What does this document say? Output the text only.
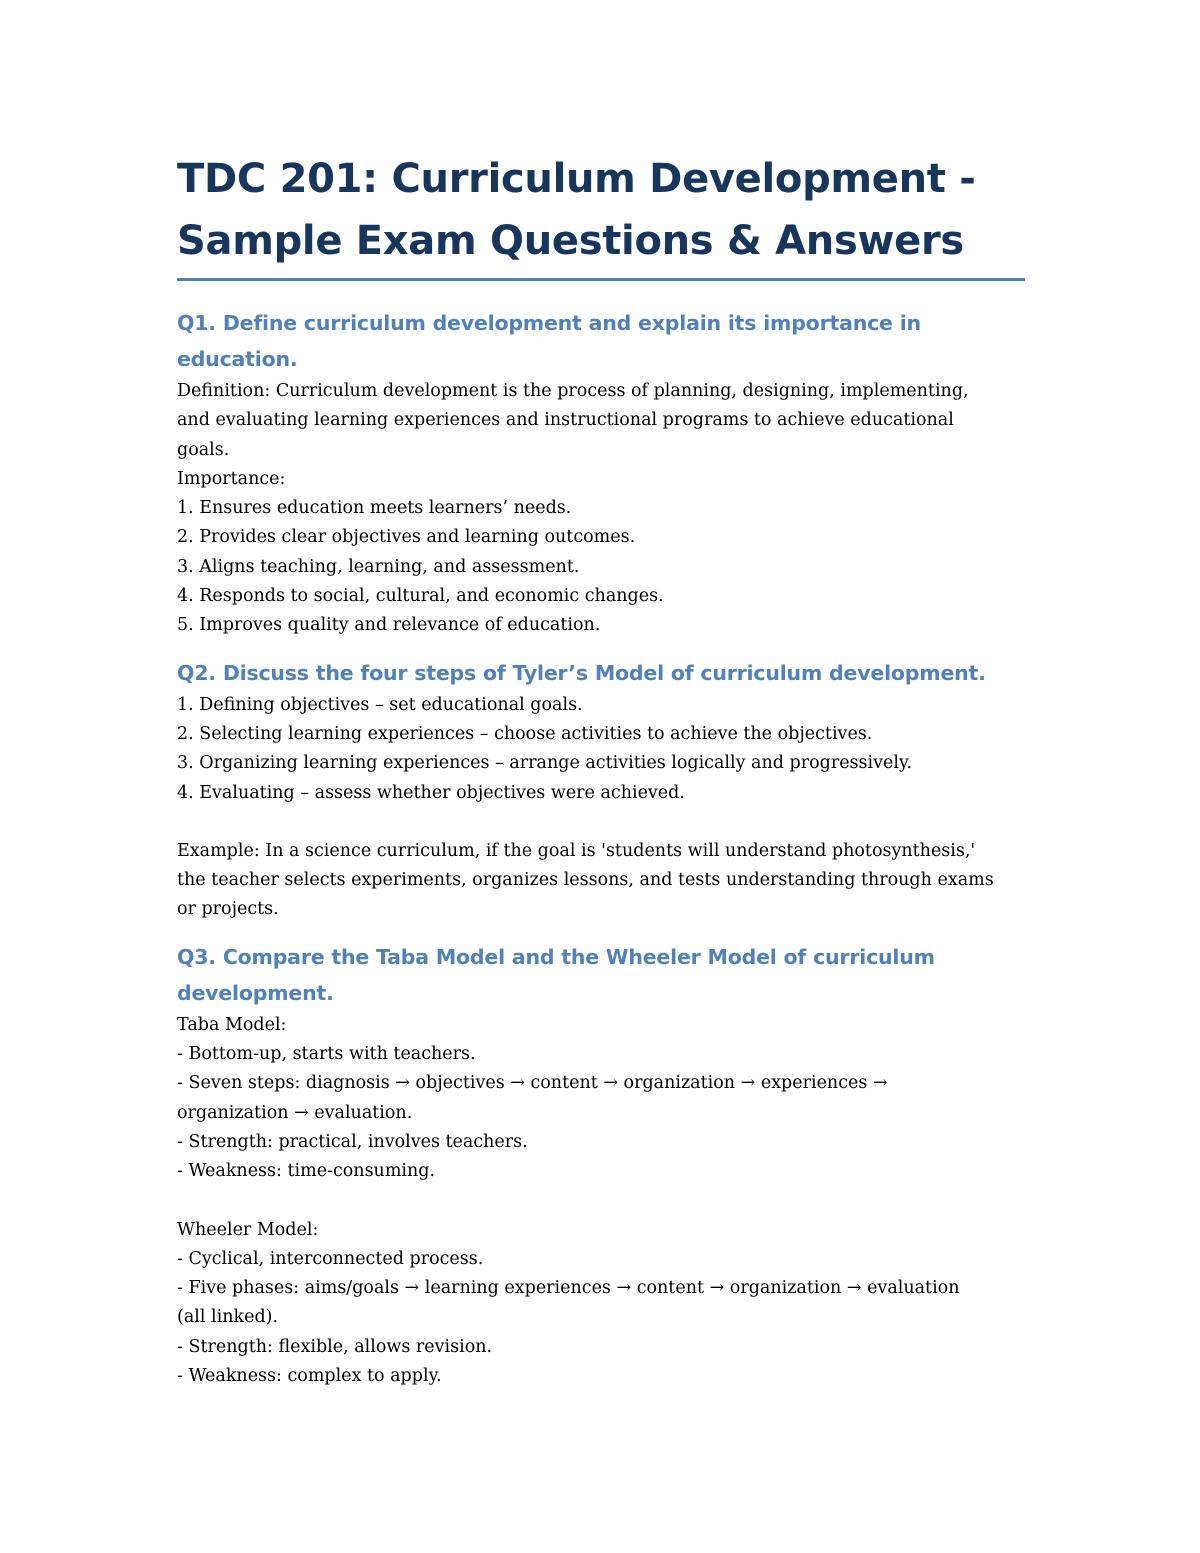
TDC 201: Curriculum Development -
Sample Exam Questions & Answers
Q1. Define curriculum development and explain its importance in education.

Definition: Curriculum development is the process of planning, designing, implementing,

and evaluating learning experiences and instructional programs to achieve educational

goals.

Importance:

1. Ensures education meets learners’ needs.

2. Provides clear objectives and learning outcomes.

3. Aligns teaching, learning, and assessment.

4. Responds to social, cultural, and economic changes.

5. Improves quality and relevance of education.

Q2. Discuss the four steps of Tyler’s Model of curriculum development.

1. Defining objectives – set educational goals.

2. Selecting learning experiences – choose activities to achieve the objectives.

3. Organizing learning experiences – arrange activities logically and progressively.

4. Evaluating – assess whether objectives were achieved.

Example: In a science curriculum, if the goal is 'students will understand photosynthesis,'

the teacher selects experiments, organizes lessons, and tests understanding through exams

or projects.

Q3. Compare the Taba Model and the Wheeler Model of curriculum
development.

Taba Model:

- Bottom-up, starts with teachers.

- Seven steps: diagnosis → objectives → content → organization → experiences →

organization → evaluation.

- Strength: practical, involves teachers.

- Weakness: time-consuming.

Wheeler Model:

- Cyclical, interconnected process.

- Five phases: aims/goals → learning experiences → content → organization → evaluation

(all linked).

- Strength: flexible, allows revision.

- Weakness: complex to apply.
